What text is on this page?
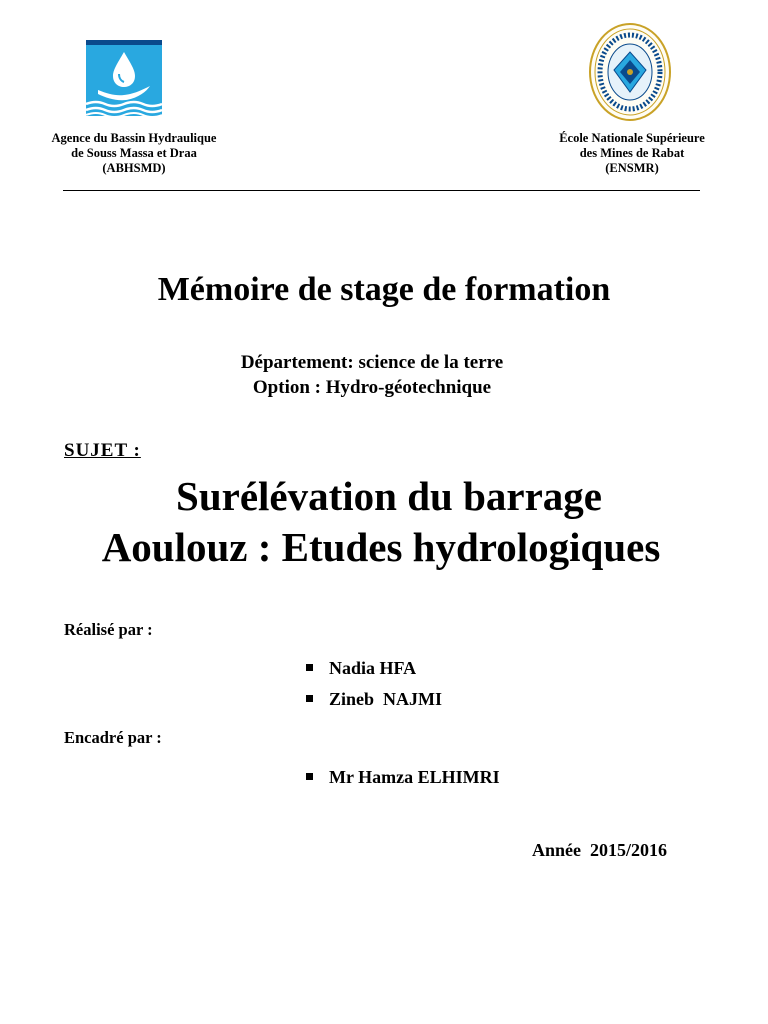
Agence du Bassin Hydraulique
de Souss Massa et Draa
(ABHSMD)
École Nationale Supérieure
des Mines de Rabat
(ENSMR)
Mémoire de stage de formation
Département: science de la terre
Option : Hydro-géotechnique
SUJET :
Surélévation du barrage
Aoulouz : Etudes hydrologiques
Réalisé par :
Nadia HFA
Zineb  NAJMI
Encadré par :
Mr Hamza ELHIMRI
Année  2015/2016
